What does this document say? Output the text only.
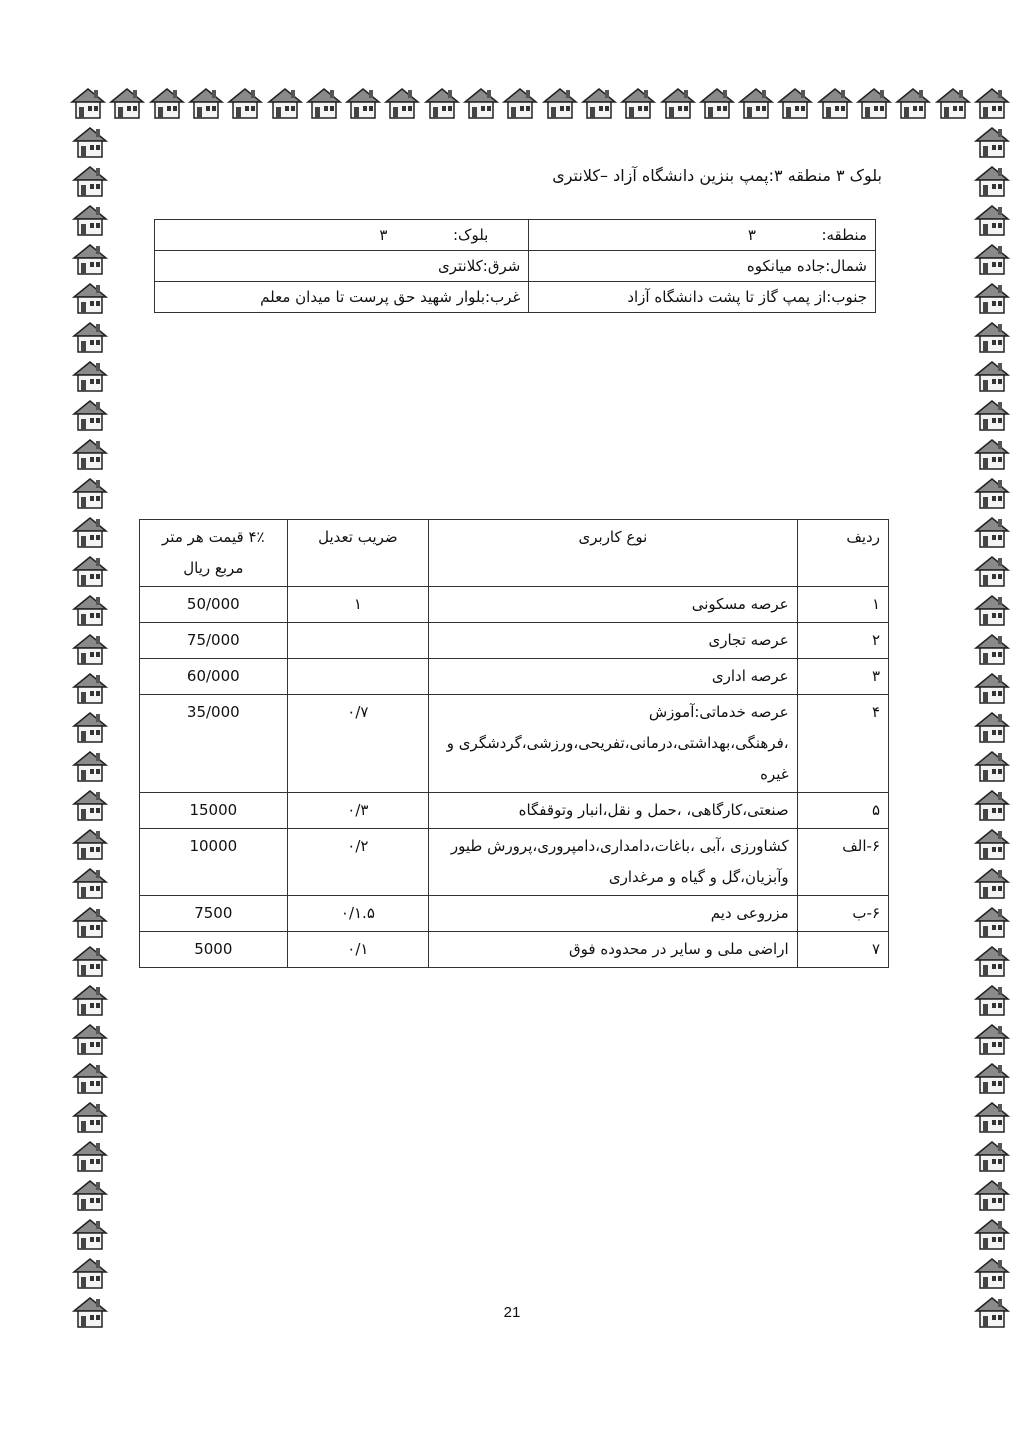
بلوک ۳ منطقه ۳:پمپ بنزین دانشگاه آزاد –کلانتری
منطقه:  ۳	بلوک:  ۳
شمال:جاده میانکوه	شرق:کلانتری
جنوب:از پمپ گاز تا پشت دانشگاه آزاد	غرب:بلوار شهید حق پرست تا میدان معلم
ردیف	نوع کاربری	ضریب تعدیل	۴٪ قیمت هر متر
مربع ریال

۱	عرصه مسکونی	۱	50/000
۲	عرصه تجاری		75/000
۳	عرصه اداری		60/000
۴	عرصه خدماتی:آموزش ،فرهنگی،بهداشتی،درمانی،تفریحی،ورزشی،گردشگری و غیره	۰/۷	35/000
۵	صنعتی،کارگاهی، ،حمل و نقل،انبار وتوقفگاه	۰/۳	15000
۶-الف	کشاورزی ،آبی ،باغات،دامداری،دامپروری،پرورش طیور وآبزیان،گل و گیاه و مرغداری	۰/۲	10000
۶-ب	مزروعی دیم	۰/۱.۵	7500
۷	اراضی ملی و سایر در محدوده فوق	۰/۱	5000
21
